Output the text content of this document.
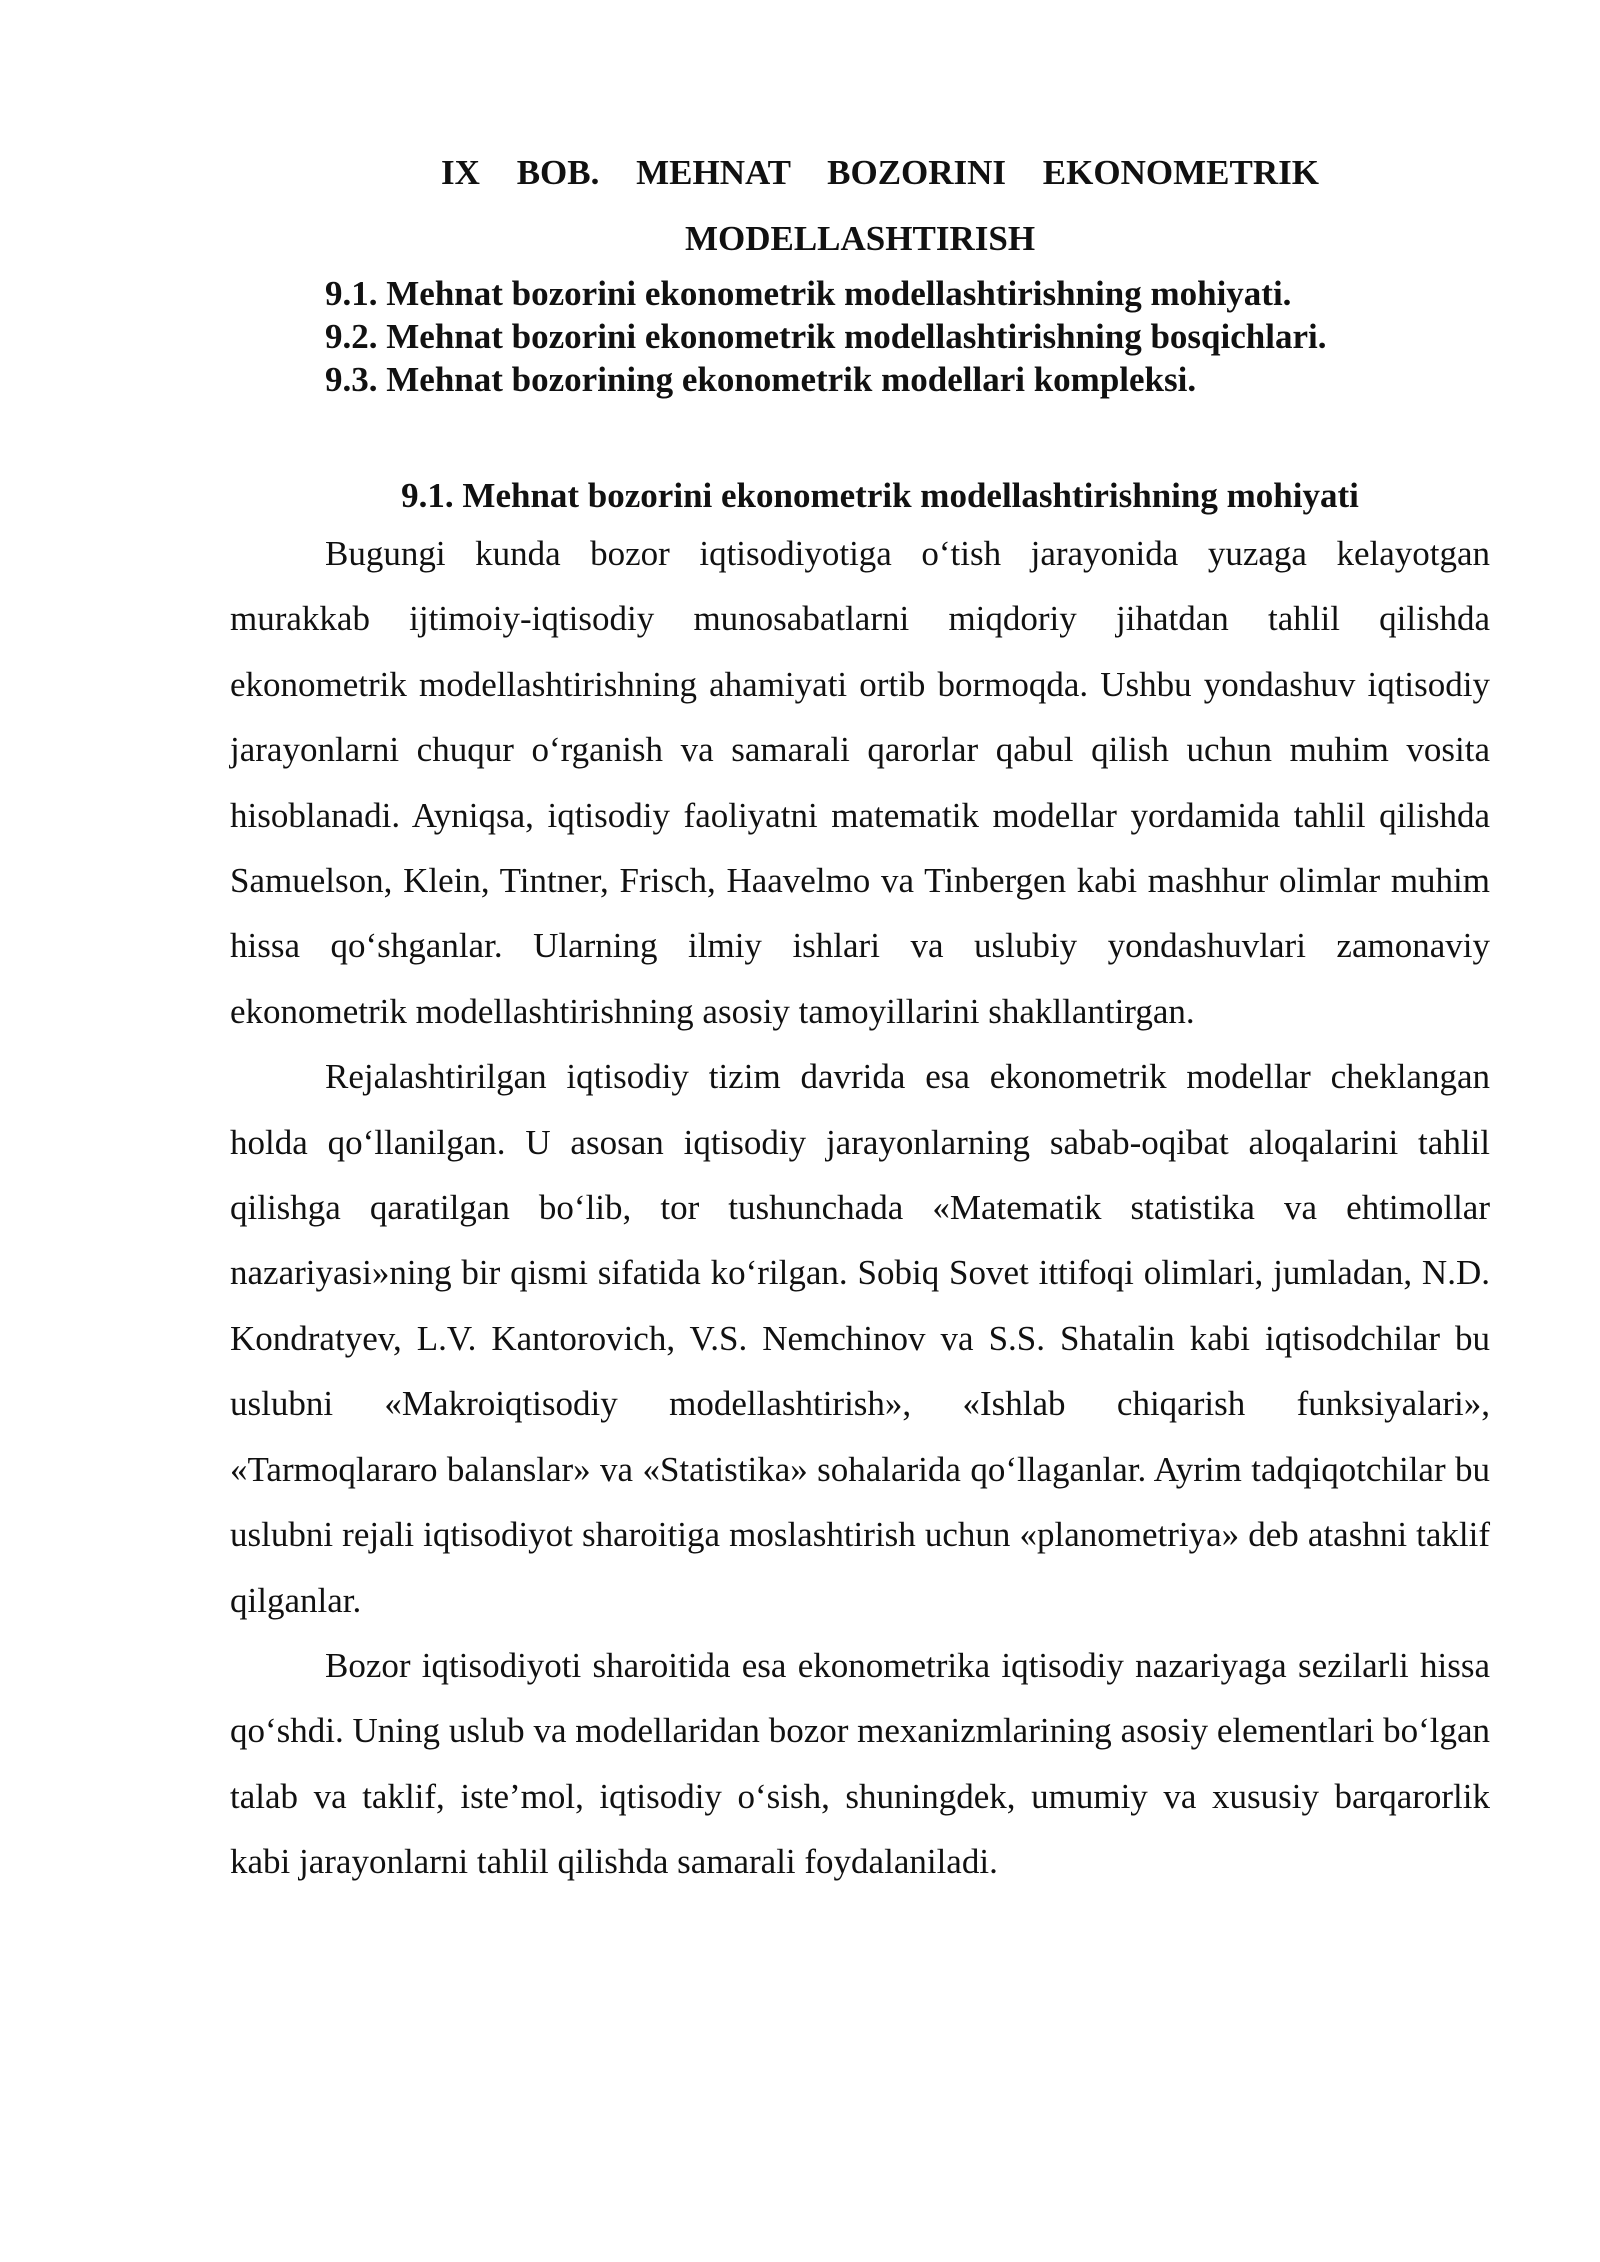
IX BOB. MEHNAT BOZORINI EKONOMETRIK
MODELLASHTIRISH

9.1. Mehnat bozorini ekonometrik modellashtirishning mohiyati.

9.2. Mehnat bozorini ekonometrik modellashtirishning bosqichlari.

9.3. Mehnat bozorining ekonometrik modellari kompleksi.

9.1. Mehnat bozorini ekonometrik modellashtirishning mohiyati

Bugungi kunda bozor iqtisodiyotiga o‘tish jarayonida yuzaga kelayotgan murakkab ijtimoiy-iqtisodiy munosabatlarni miqdoriy jihatdan tahlil qilishda ekonometrik modellashtirishning ahamiyati ortib bormoqda. Ushbu yondashuv iqtisodiy jarayonlarni chuqur o‘rganish va samarali qarorlar qabul qilish uchun muhim vosita hisoblanadi. Ayniqsa, iqtisodiy faoliyatni matematik modellar yordamida tahlil qilishda Samuelson, Klein, Tintner, Frisch, Haavelmo va Tinbergen kabi mashhur olimlar muhim hissa qo‘shganlar. Ularning ilmiy ishlari va uslubiy yondashuvlari zamonaviy ekonometrik modellashtirishning asosiy tamoyillarini shakllantirgan.

Rejalashtirilgan iqtisodiy tizim davrida esa ekonometrik modellar cheklangan holda qo‘llanilgan. U asosan iqtisodiy jarayonlarning sabab-oqibat aloqalarini tahlil qilishga qaratilgan bo‘lib, tor tushunchada «Matematik statistika va ehtimollar nazariyasi»ning bir qismi sifatida ko‘rilgan. Sobiq Sovet ittifoqi olimlari, jumladan, N.D. Kondratyev, L.V. Kantorovich, V.S. Nemchinov va S.S. Shatalin kabi iqtisodchilar bu uslubni «Makroiqtisodiy modellashtirish», «Ishlab chiqarish funksiyalari», «Tarmoqlararo balanslar» va «Statistika» sohalarida qo‘llaganlar. Ayrim tadqiqotchilar bu uslubni rejali iqtisodiyot sharoitiga moslashtirish uchun «planometriya» deb atashni taklif qilganlar.

Bozor iqtisodiyoti sharoitida esa ekonometrika iqtisodiy nazariyaga sezilarli hissa qo‘shdi. Uning uslub va modellaridan bozor mexanizmlarining asosiy elementlari bo‘lgan talab va taklif, iste’mol, iqtisodiy o‘sish, shuningdek, umumiy va xususiy barqarorlik kabi jarayonlarni tahlil qilishda samarali foydalaniladi.
